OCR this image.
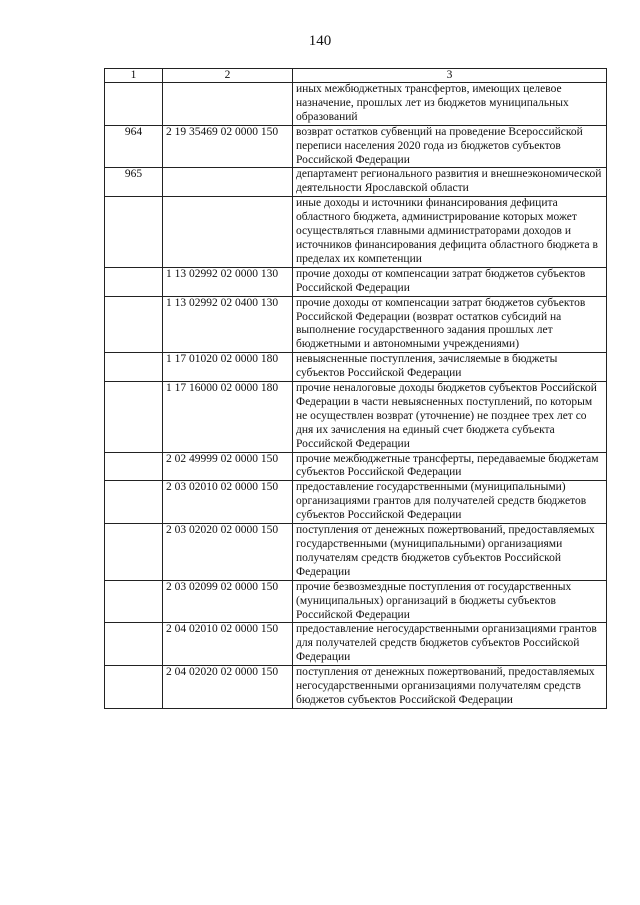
140
1	2	3
		иных межбюджетных трансфертов, имеющих целевое назначение, прошлых лет из бюджетов муниципальных образований
964	2 19 35469 02 0000 150	возврат остатков субвенций на проведение Всероссийской переписи населения 2020 года из бюджетов субъектов Российской Федерации
965		департамент регионального развития и внешнеэкономической деятельности Ярославской области
		иные доходы и источники финансирования дефицита областного бюджета, администрирование которых может осуществляться главными администраторами доходов и источников финансирования дефицита областного бюджета в пределах их компетенции
	1 13 02992 02 0000 130	прочие доходы от компенсации затрат бюджетов субъектов Российской Федерации
	1 13 02992 02 0400 130	прочие доходы от компенсации затрат бюджетов субъектов Российской Федерации (возврат остатков субсидий на выполнение государственного задания прошлых лет бюджетными и автономными учреждениями)
	1 17 01020 02 0000 180	невыясненные поступления, зачисляемые в бюджеты субъектов Российской Федерации
	1 17 16000 02 0000 180	прочие неналоговые доходы бюджетов субъектов Российской Федерации в части невыясненных поступлений, по которым не осуществлен возврат (уточнение) не позднее трех лет со дня их зачисления на единый счет бюджета субъекта Российской Федерации
	2 02 49999 02 0000 150	прочие межбюджетные трансферты, передаваемые бюджетам субъектов Российской Федерации
	2 03 02010 02 0000 150	предоставление государственными (муниципальными) организациями грантов для получателей средств бюджетов субъектов Российской Федерации
	2 03 02020 02 0000 150	поступления от денежных пожертвований, предоставляемых государственными (муниципальными) организациями получателям средств бюджетов субъектов Российской Федерации
	2 03 02099 02 0000 150	прочие безвозмездные поступления от государственных (муниципальных) организаций в бюджеты субъектов Российской Федерации
	2 04 02010 02 0000 150	предоставление негосударственными организациями грантов для получателей средств бюджетов субъектов Российской Федерации
	2 04 02020 02 0000 150	поступления от денежных пожертвований, предоставляемых негосударственными организациями получателям средств бюджетов субъектов Российской Федерации
